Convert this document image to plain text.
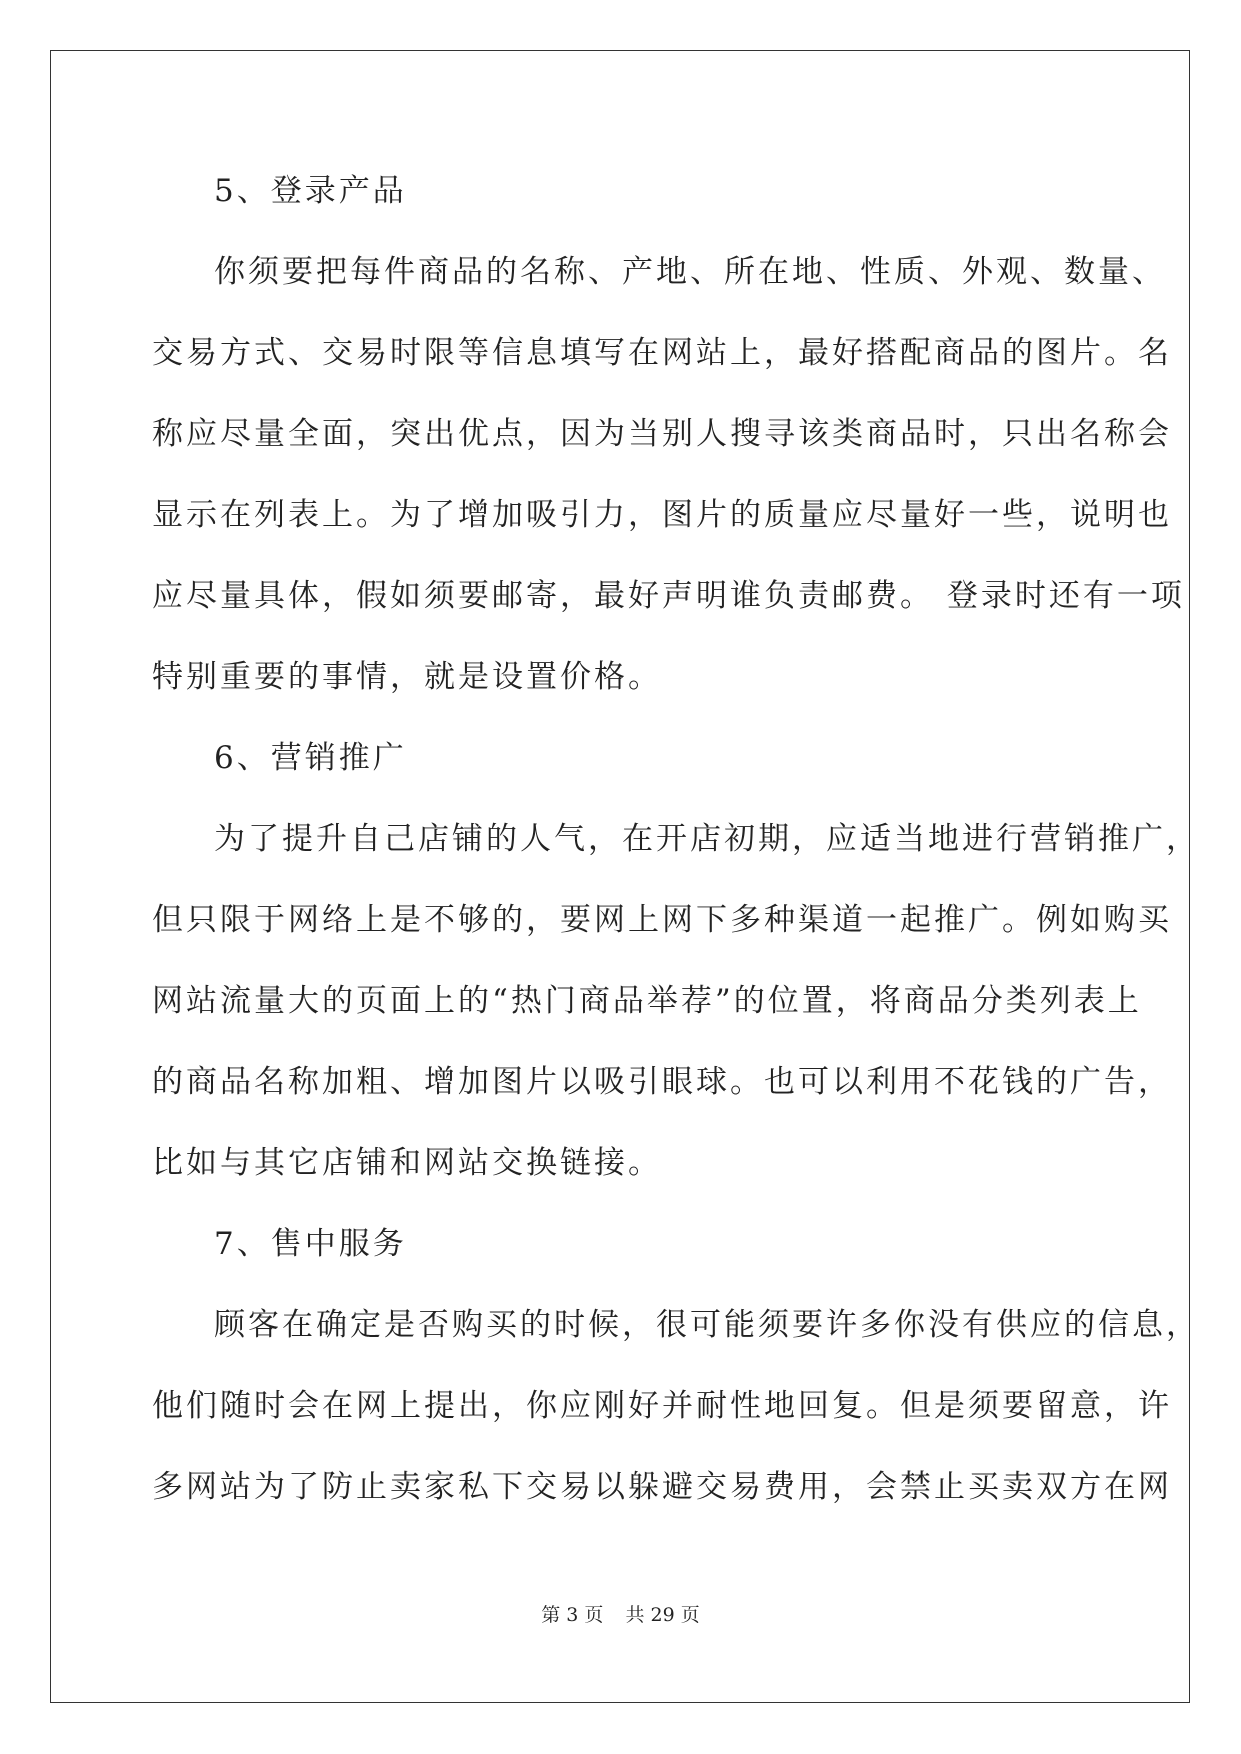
5、登录产品

你须要把每件商品的名称、产地、所在地、性质、外观、数量、

交易方式、交易时限等信息填写在网站上，最好搭配商品的图片。名

称应尽量全面，突出优点，因为当别人搜寻该类商品时，只出名称会

显示在列表上。为了增加吸引力，图片的质量应尽量好一些，说明也

应尽量具体，假如须要邮寄，最好声明谁负责邮费。 登录时还有一项

特别重要的事情，就是设置价格。

6、营销推广

为了提升自己店铺的人气，在开店初期，应适当地进行营销推广，

但只限于网络上是不够的，要网上网下多种渠道一起推广。例如购买

网站流量大的页面上的“热门商品举荐”的位置，将商品分类列表上

的商品名称加粗、增加图片以吸引眼球。也可以利用不花钱的广告，

比如与其它店铺和网站交换链接。

7、售中服务

顾客在确定是否购买的时候，很可能须要许多你没有供应的信息，

他们随时会在网上提出，你应刚好并耐性地回复。但是须要留意，许

多网站为了防止卖家私下交易以躲避交易费用，会禁止买卖双方在网

第 3 页 共 29 页
